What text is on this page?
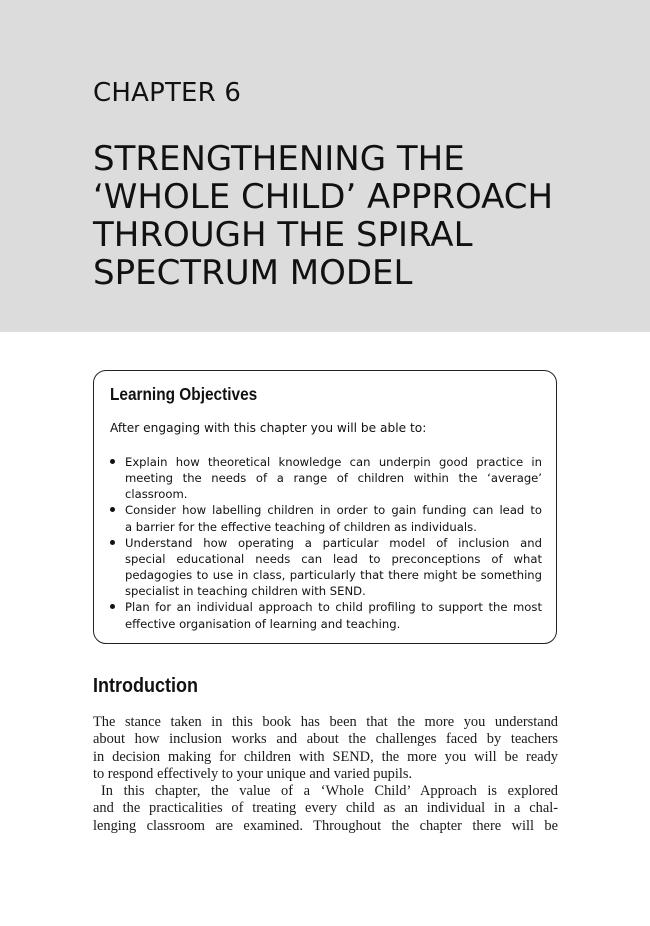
CHAPTER 6
STRENGTHENING THE
‘WHOLE CHILD’ APPROACH
THROUGH THE SPIRAL
SPECTRUM MODEL
Learning Objectives
After engaging with this chapter you will be able to:
Explain how theoretical knowledge can underpin good practice in
meeting the needs of a range of children within the ‘average’
classroom.
Consider how labelling children in order to gain funding can lead to
a barrier for the effective teaching of children as individuals.
Understand how operating a particular model of inclusion and
special educational needs can lead to preconceptions of what
pedagogies to use in class, particularly that there might be something
specialist in teaching children with SEND.
Plan for an individual approach to child profiling to support the most
effective organisation of learning and teaching.
Introduction
The stance taken in this book has been that the more you understand
about how inclusion works and about the challenges faced by teachers
in decision making for children with SEND, the more you will be ready
to respond effectively to your unique and varied pupils.
In this chapter, the value of a ‘Whole Child’ Approach is explored
and the practicalities of treating every child as an individual in a chal-
lenging classroom are examined. Throughout the chapter there will be
